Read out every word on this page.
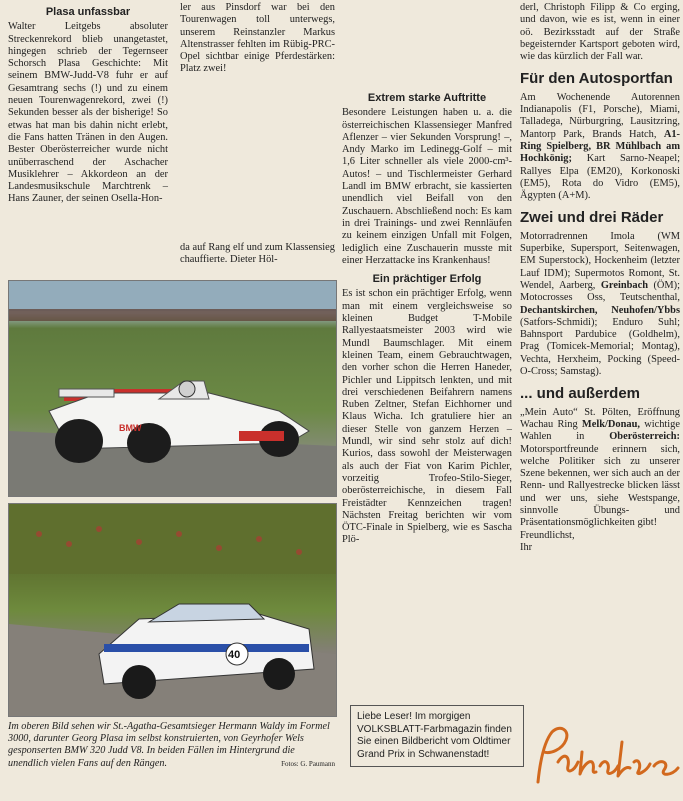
Plasa unfassbar

Walter Leitgebs absoluter Streckenrekord blieb unangetastet, hingegen schrieb der Tegernseer Schorsch Plasa Geschichte: Mit seinem BMW-Judd-V8 fuhr er auf Gesamtrang sechs (!) und zu einem neuen Tourenwagenrekord, zwei (!) Sekunden besser als der bisherige! So etwas hat man bis dahin nicht erlebt, die Fans hatten Tränen in den Augen. Bester Oberösterreicher wurde nicht unüberraschend der Aschacher Musiklehrer – Akkordeon an der Landesmusikschule Marchtrenk – Hans Zauner, der seinen Osella-Hon-

ler aus Pinsdorf war bei den Tourenwagen toll unterwegs, unserem Reinstanzler Markus Altenstrasser fehlten im Rübig-PRC-Opel sichtbar einige Pferdestärken: Platz zwei!

da auf Rang elf und zum Klassensieg chauffierte. Dieter Höl-

BMW
40
Im oberen Bild sehen wir St.-Agatha-Gesamtsieger Hermann Waldy im Formel 3000, darunter Georg Plasa im selbst konstruierten, von Geyrhofer Wels gesponserten BMW 320 Judd V8. In beiden Fällen im Hintergrund die unendlich vielen Fans auf den Rängen.	Fotos: G. Paumann
Extrem starke Auftritte

Besondere Leistungen haben u. a. die österreichischen Klassensieger Manfred Aflenzer – vier Sekunden Vorsprung! –, Andy Marko im Ledinegg-Golf – mit 1,6 Liter schneller als viele 2000-cm³-Autos! – und Tischlermeister Gerhard Landl im BMW erbracht, sie kassierten unendlich viel Beifall von den Zuschauern. Abschließend noch: Es kam in drei Trainings- und zwei Rennläufen zu keinem einzigen Unfall mit Folgen, lediglich eine Zuschauerin musste mit einer Herzattacke ins Krankenhaus!

Ein prächtiger Erfolg

Es ist schon ein prächtiger Erfolg, wenn man mit einem vergleichsweise so kleinen Budget T-Mobile Rallyestaatsmeister 2003 wird wie Mundl Baumschlager. Mit einem kleinen Team, einem Gebrauchtwagen, den vorher schon die Herren Haneder, Pichler und Lippitsch lenkten, und mit drei verschiedenen Beifahrern namens Ruben Zeltner, Stefan Eichhorner und Klaus Wicha. Ich gratuliere hier an dieser Stelle von ganzem Herzen – Mundl, wir sind sehr stolz auf dich! Kurios, dass sowohl der Meisterwagen als auch der Fiat von Karim Pichler, vorzeitig Trofeo-Stilo-Sieger, oberösterreichische, in diesem Fall Freistädter Kennzeichen tragen! Nächsten Freitag berichten wir vom ÖTC-Finale in Spielberg, wie es Sascha Plö-

Liebe Leser! Im morgigen VOLKSBLATT-Farbmagazin finden Sie einen Bildbericht vom Oldtimer Grand Prix in Schwanenstadt!

derl, Christoph Filipp & Co erging, und davon, wie es ist, wenn in einer oö. Bezirksstadt auf der Straße begeisternder Kartsport geboten wird, wie das kürzlich der Fall war.

Für den Autosportfan

Am Wochenende Autorennen Indianapolis (F1, Porsche), Miami, Talladega, Nürburgring, Lausitzring, Mantorp Park, Brands Hatch, A1-Ring Spielberg, BR Mühlbach am Hochkönig; Kart Sarno-Neapel; Rallyes Elpa (EM20), Korkonoski (EM5), Rota do Vidro (EM5), Ägypten (A+M).

Zwei und drei Räder

Motorradrennen Imola (WM Superbike, Supersport, Seitenwagen, EM Superstock), Hockenheim (letzter Lauf IDM); Supermotos Romont, St. Wendel, Aarberg, Greinbach (ÖM); Motocrosses Oss, Teutschenthal, Dechantskirchen, Neuhofen/Ybbs (Satfors-Schmidi); Enduro Suhl; Bahnsport Pardubice (Goldhelm), Prag (Tomicek-Memorial; Montag), Vechta, Herxheim, Pocking (Speed-O-Cross; Samstag).

... und außerdem

„Mein Auto“ St. Pölten, Eröffnung Wachau Ring Melk/Donau, wichtige Wahlen in Oberösterreich: Motorsportfreunde erinnern sich, welche Politiker sich zu unserer Szene bekennen, wer sich auch an der Renn- und Rallyestrecke blicken lässt und wer uns, siehe Westspange, sinnvolle Übungs- und Präsentationsmöglichkeiten gibt!

Freundlichst,

Ihr
